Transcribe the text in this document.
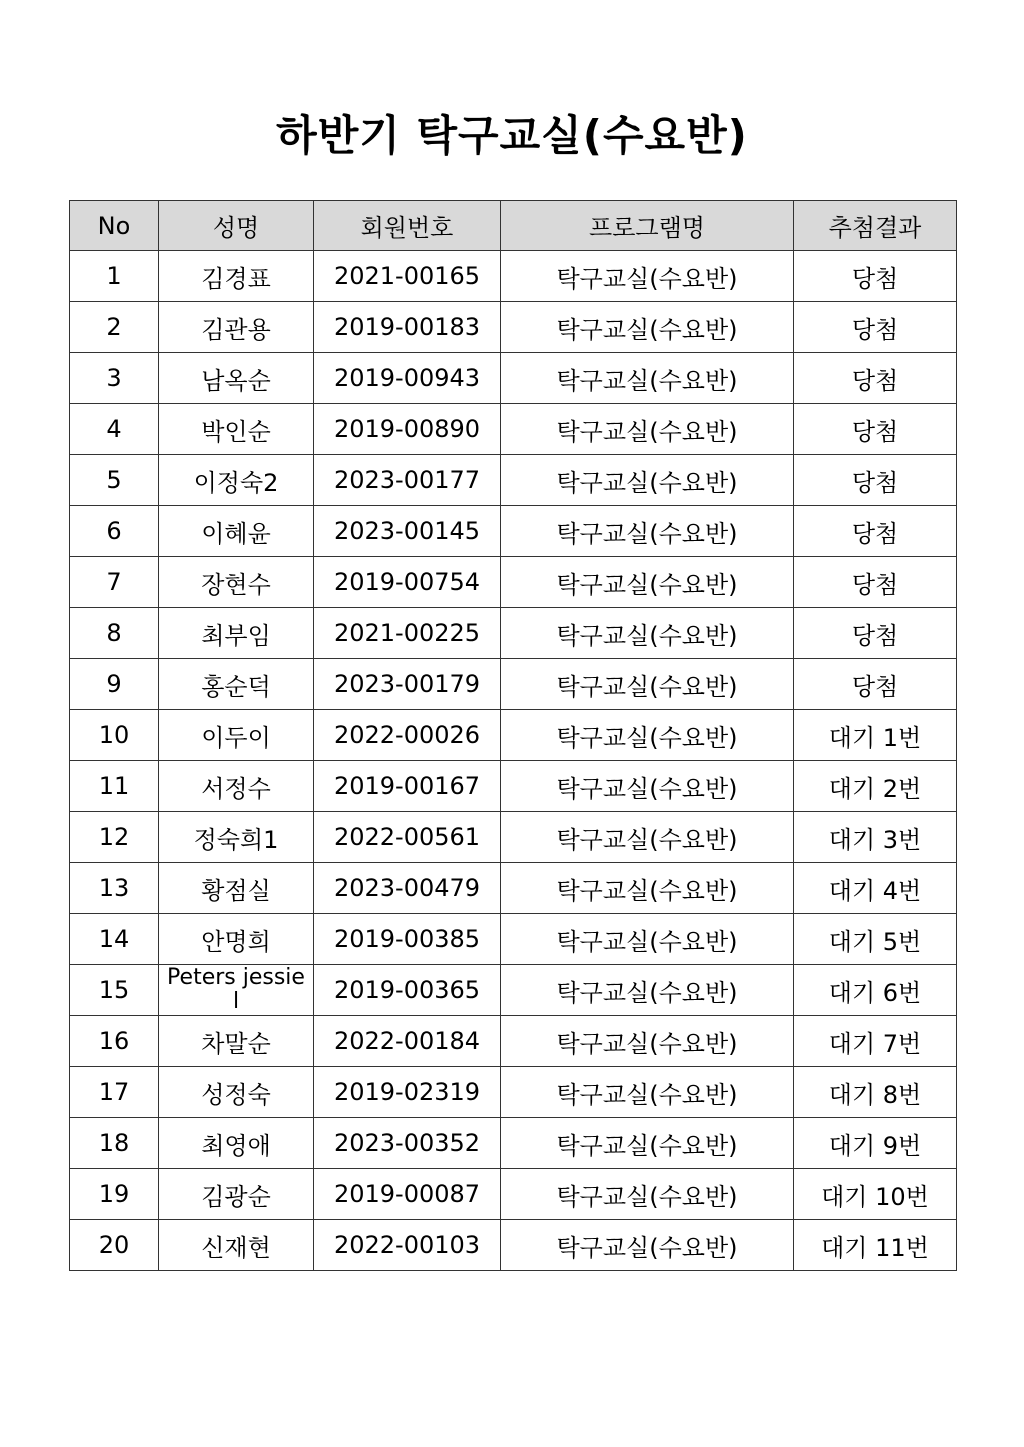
하반기 탁구교실(수요반)
No	성명	회원번호	프로그램명	추첨결과
1	김경표	2021-00165	탁구교실(수요반)	당첨
2	김관용	2019-00183	탁구교실(수요반)	당첨
3	남옥순	2019-00943	탁구교실(수요반)	당첨
4	박인순	2019-00890	탁구교실(수요반)	당첨
5	이정숙2	2023-00177	탁구교실(수요반)	당첨
6	이혜윤	2023-00145	탁구교실(수요반)	당첨
7	장현수	2019-00754	탁구교실(수요반)	당첨
8	최부임	2021-00225	탁구교실(수요반)	당첨
9	홍순덕	2023-00179	탁구교실(수요반)	당첨
10	이두이	2022-00026	탁구교실(수요반)	대기 1번
11	서정수	2019-00167	탁구교실(수요반)	대기 2번
12	정숙희1	2022-00561	탁구교실(수요반)	대기 3번
13	황점실	2023-00479	탁구교실(수요반)	대기 4번
14	안명희	2019-00385	탁구교실(수요반)	대기 5번
15	Peters jessie l	2019-00365	탁구교실(수요반)	대기 6번
16	차말순	2022-00184	탁구교실(수요반)	대기 7번
17	성정숙	2019-02319	탁구교실(수요반)	대기 8번
18	최영애	2023-00352	탁구교실(수요반)	대기 9번
19	김광순	2019-00087	탁구교실(수요반)	대기 10번
20	신재현	2022-00103	탁구교실(수요반)	대기 11번
